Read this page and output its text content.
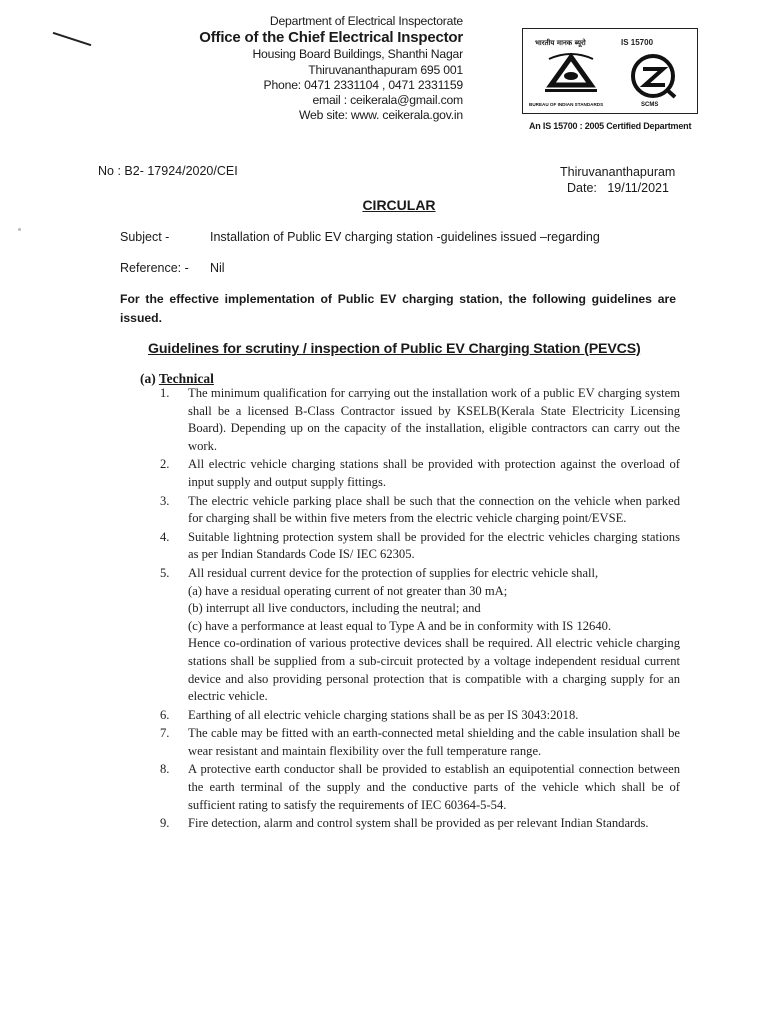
Department of Electrical Inspectorate
Office of the Chief Electrical Inspector
Housing Board Buildings, Shanthi Nagar
Thiruvananthapuram 695 001
Phone: 0471 2331104 , 0471 2331159
email : ceikerala@gmail.com
Web site: www. ceikerala.gov.in
भारतीय मानक ब्यूरो	IS 15700
BUREAU OF INDIAN STANDARDS	SCMS
An IS 15700 : 2005 Certified Department
No : B2- 17924/2020/CEI	Thiruvananthapuram
Date: 19/11/2021
CIRCULAR
Subject -	Installation of Public EV charging station -guidelines issued –regarding
Reference: - Nil
For the effective implementation of Public EV charging station, the following guidelines are issued.
Guidelines for scrutiny / inspection of Public EV Charging Station (PEVCS)
(a) Technical
1.	The minimum qualification for carrying out the installation work of a public EV charging system shall be a licensed B-Class Contractor issued by KSELB(Kerala State Electricity Licensing Board). Depending up on the capacity of the installation, eligible contractors can carry out the work.
2.	All electric vehicle charging stations shall be provided with protection against the overload of input supply and output supply fittings.
3.	The electric vehicle parking place shall be such that the connection on the vehicle when parked for charging shall be within five meters from the electric vehicle charging point/EVSE.
4.	Suitable lightning protection system shall be provided for the electric vehicles charging stations as per Indian Standards Code IS/ IEC 62305.
5.	All residual current device for the protection of supplies for electric vehicle shall,
(a) have a residual operating current of not greater than 30 mA;
(b) interrupt all live conductors, including the neutral; and
(c) have a performance at least equal to Type A and be in conformity with IS 12640.
Hence co-ordination of various protective devices shall be required. All electric vehicle charging stations shall be supplied from a sub-circuit protected by a voltage independent residual current device and also providing personal protection that is compatible with a charging supply for an electric vehicle.
6.	Earthing of all electric vehicle charging stations shall be as per IS 3043:2018.
7.	The cable may be fitted with an earth-connected metal shielding and the cable insulation shall be wear resistant and maintain flexibility over the full temperature range.
8.	A protective earth conductor shall be provided to establish an equipotential connection between the earth terminal of the supply and the conductive parts of the vehicle which shall be of sufficient rating to satisfy the requirements of IEC 60364-5-54.
9.	Fire detection, alarm and control system shall be provided as per relevant Indian Standards.
